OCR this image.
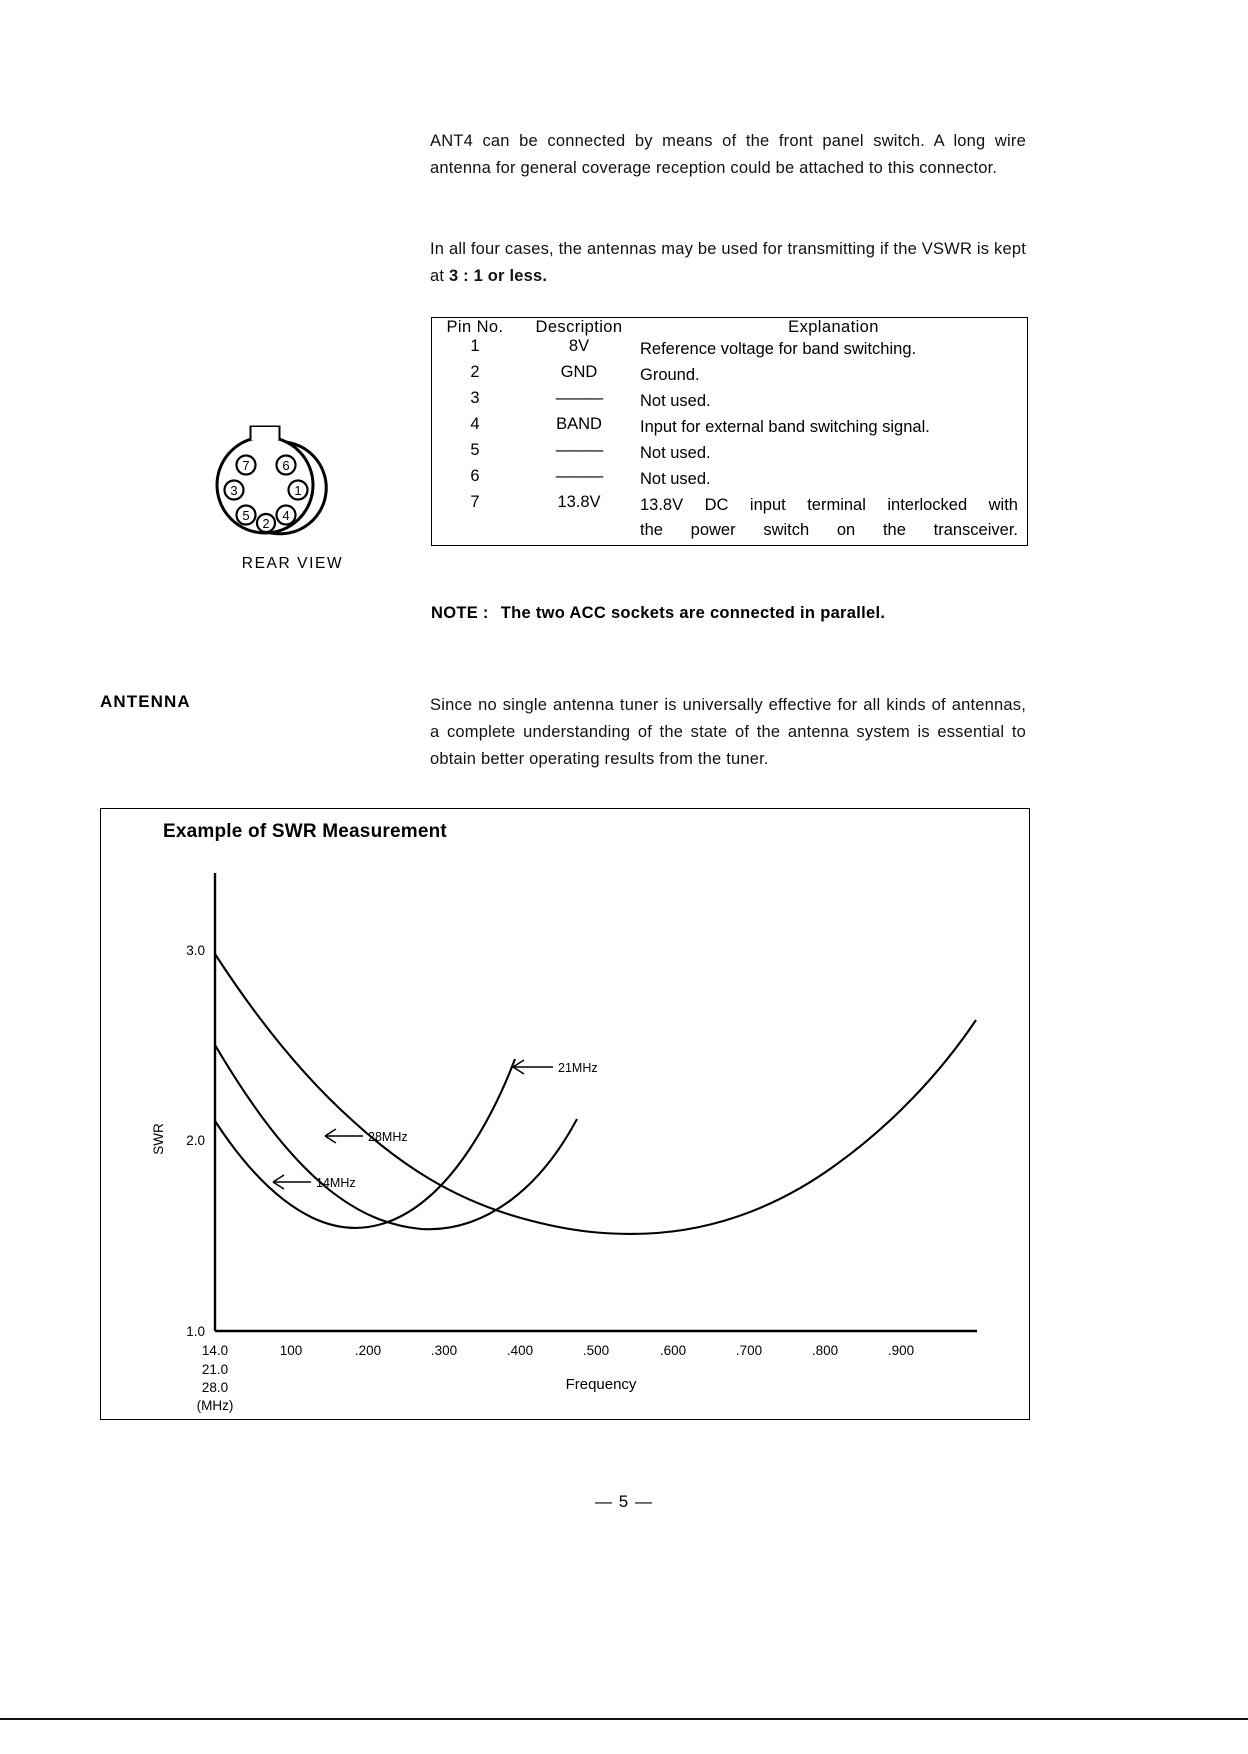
ANT4 can be connected by means of the front panel switch. A long wire antenna for general coverage reception could be attached to this connector.
In all four cases, the antennas may be used for transmitting if the VSWR is kept at 3 : 1 or less.
7	6
3	1
5
2
4
REAR VIEW
Pin No.	Description	Explanation
1	8V	Reference voltage for band switching.
2	GND	Ground.
3	———	Not used.
4	BAND	Input for external band switching signal.
5	———	Not used.
6	———	Not used.
7	13.8V	13.8V DC input terminal interlocked with
the power switch on the transceiver.
NOTE : The two ACC sockets are connected in parallel.
ANTENNA	Since no single antenna tuner is universally effective for all kinds of antennas, a complete understanding of the state of the antenna system is essential to obtain better operating results from the tuner.
Example of SWR Measurement
3.0
2.0
1.0
SWR
14.0	100	.200	.300	.400	.500	.600	.700	.800	.900
21.0
28.0
(MHz)
Frequency
21MHz
28MHz
14MHz
— 5 —
